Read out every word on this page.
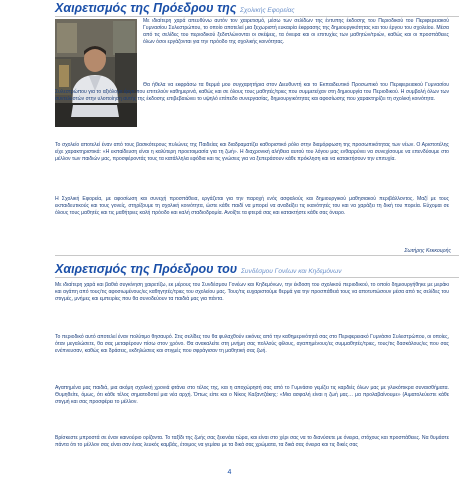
Χαιρετισμός της Πρόεδρου της Σχολικής Εφορείας

Με ιδιαίτερη χαρά απευθύνω αυτόν τον χαιρετισμό, μέσω των σελίδων της έντυπης έκδοσης του Περιοδικού του Περιφερειακού Γυμνασίου Συλεστρώπου, το οποίο αποτελεί μια ξεχωριστή ευκαιρία έκφρασης της δημιουργικότητας και του έργου του σχολείου. Μέσα από τις σελίδες του περιοδικού ξεδιπλώνονται οι σκέψεις, τα όνειρα και οι επιτυχίες των μαθητών/τριών, καθώς και οι προσπάθειες όλων όσοι εργάζονται για την πρόοδο της σχολικής κοινότητας.

Θα ήθελα να εκφράσω τα θερμά μου συγχαρητήρια στον Διευθυντή και το Εκπαιδευτικό Προσωπικό του Περιφερειακού Γυμνασίου Συλεστρώπου για το αξιόλογο έργο που επιτελούν καθημερινά, καθώς και σε όλους τους μαθητές/τριες που συμμετείχαν στη δημιουργία του Περιοδικού. Η συμβολή όλων των συντελεστών στην υλοποίηση αυτής της έκδοσης επιβεβαιώνει το υψηλό επίπεδο συνεργασίας, δημιουργικότητας και αφοσίωσης που χαρακτηρίζει τη σχολική κοινότητα.

Το σχολείο αποτελεί έναν από τους βασικότερους πυλώνες της Παιδείας και διαδραματίζει καθοριστικό ρόλο στην διαμόρφωση της προσωπικότητας των νέων. Ο Αριστοτέλης είχε χαρακτηριστικά: «Η εκπαίδευση είναι η καλύτερη προετοιμασία για τη ζωή». Η διαχρονική αλήθεια αυτού του λόγου μας ενθαρρύνει να συνεχίσουμε να επενδύουμε στο μέλλον των παιδιών μας, προσφέροντάς τους τα κατάλληλα εφόδια και τις γνώσεις για να ξεπεράσουν κάθε πρόκληση και να κατακτήσουν την επιτυχία.

Η Σχολική Εφορεία, με αφοσίωση και συνεχή προσπάθεια, εργάζεται για την παροχή ενός ασφαλούς και δημιουργικού μαθησιακού περιβάλλοντος. Μαζί με τους εκπαιδευτικούς και τους γονείς, στηρίζουμε τη σχολική κοινότητα, ώστε κάθε παιδί να μπορεί να αναδείξει τις ικανότητές του και να χαράξει τη δική του πορεία. Εύχομαι σε όλους τους μαθητές και τις μαθήτριες καλή πρόοδο και καλή σταδιοδρομία. Ανοίξτε τα φτερά σας και κατακτήστε κάθε σας όνειρο.

Σωτήρης Κεκκουρής
Χαιρετισμός της Πρόεδρου του Συνδέσμου Γονέων και Κηδεμόνων

Με ιδιαίτερη χαρά και βαθιά συγκίνηση χαιρετίζω, εκ μέρους του Συνδέσμου Γονέων και Κηδεμόνων, την έκδοση του σχολικού περιοδικού, το οποίο δημιουργήθηκε με μεράκι και αγάπη από τους/τις αφοσιωμένους/ες καθηγητές/τριες του σχολείου μας. Τους/τις ευχαριστούμε θερμά για την προσπάθειά τους να αποτυπώσουν μέσα από τις σελίδες του στιγμές, μνήμες και εμπειρίες που θα συνοδεύουν τα παιδιά μας για πάντα.

Το περιοδικό αυτό αποτελεί έναν πολύτιμο θησαυρό. Στις σελίδες του θα φυλαχθούν εικόνες από την καθημερινότητά σας στο Περιφερειακό Γυμνάσιο Συλεστρώπου, οι οποίες, όταν μεγαλώσετε, θα σας μεταφέρουν πίσω στον χρόνο. Θα ανακαλείτε στη μνήμη σας πολλούς φίλους, αγαπημένους/ες συμμαθητές/τριες, τους/τις δασκάλους/ες που σας ενέπνευσαν, καθώς και δράσεις, εκδηλώσεις και στιγμές που σφράγισαν τη μαθητική σας ζωή.

Αγαπημένα μας παιδιά, μια ακόμη σχολική χρονιά φτάνει στο τέλος της, και η αποχώρησή σας από το Γυμνάσιο γεμίζει τις καρδιές όλων μας με γλυκόπικρα συναισθήματα. Θυμηθείτε, όμως, ότι κάθε τέλος σηματοδοτεί μια νέα αρχή. Όπως είπε και ο Νίκος Καζαντζάκης: «Μια ασφαλή είναι η ζωή μας… μα προλαβαίνουμε» (Αιματολεύεστε κάθε στιγμή και σας προσφέρει το μέλλον.

Βρίσκεστε μπροστά σε έναν καινούριο ορίζοντα. Το ταξίδι της ζωής σας ξεκινάει τώρα, και είναι στο χέρι σας να το διανύσετε με όνειρα, στόχους και προσπάθειες. Να θυμάστε πάντα ότι το μέλλον σας είναι σαν ένας λευκός καμβάς, έτοιμος να γεμίσει με τα δικά σας χρώματα, τα δικά σας όνειρα και τις δικές σας

4
